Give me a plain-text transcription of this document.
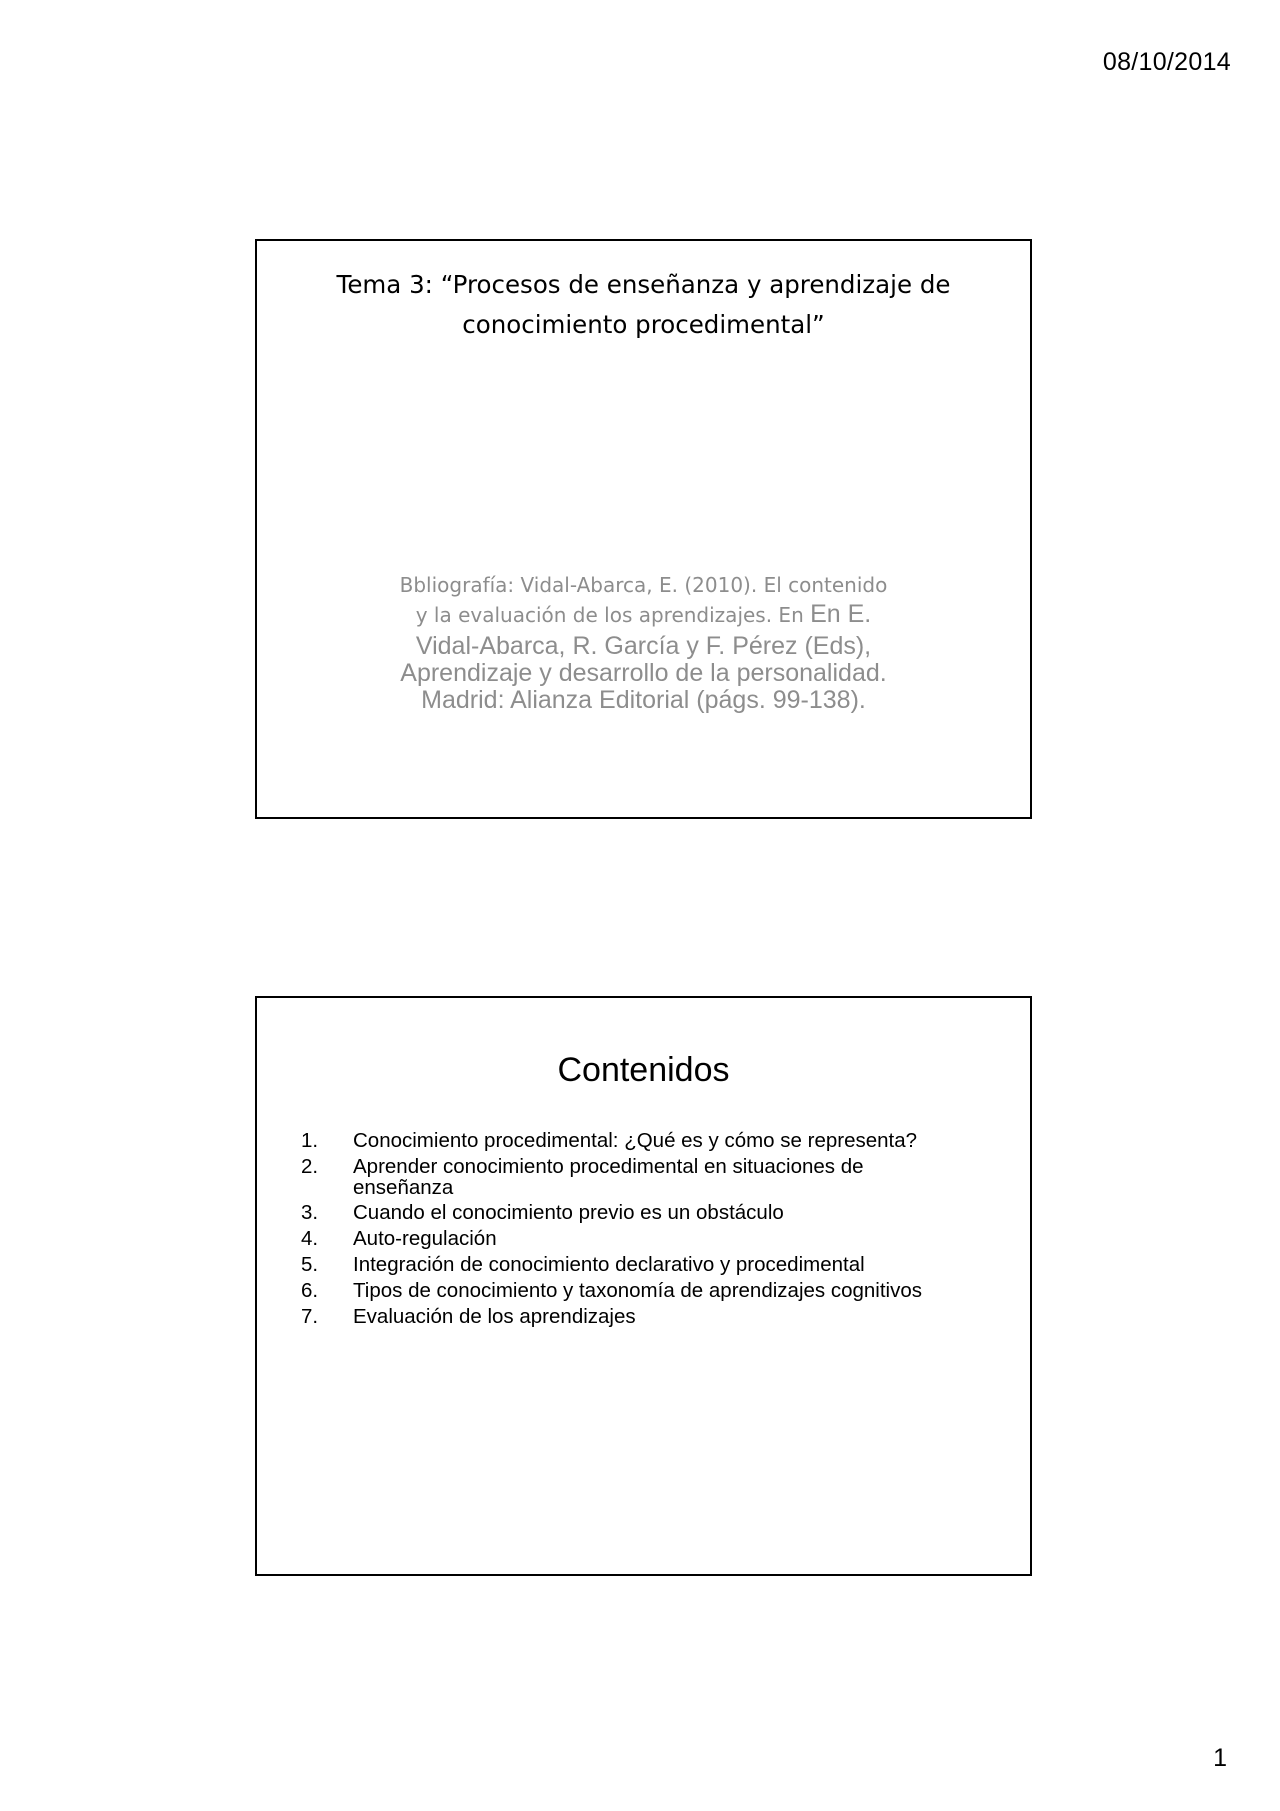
08/10/2014
Tema 3: “Procesos de enseñanza y aprendizaje de
conocimiento procedimental”
Bbliografía: Vidal-Abarca, E. (2010). El contenido
y la evaluación de los aprendizajes. En En E.
Vidal-Abarca, R. García y F. Pérez (Eds),
Aprendizaje y desarrollo de la personalidad.
Madrid: Alianza Editorial (págs. 99-138).
Contenidos
1.	Conocimiento procedimental: ¿Qué es y cómo se representa?
2.	Aprender conocimiento procedimental en situaciones de enseñanza
3.	Cuando el conocimiento previo es un obstáculo
4.	Auto-regulación
5.	Integración de conocimiento declarativo y procedimental
6.	Tipos de conocimiento y taxonomía de aprendizajes cognitivos
7.	Evaluación de los aprendizajes
1
